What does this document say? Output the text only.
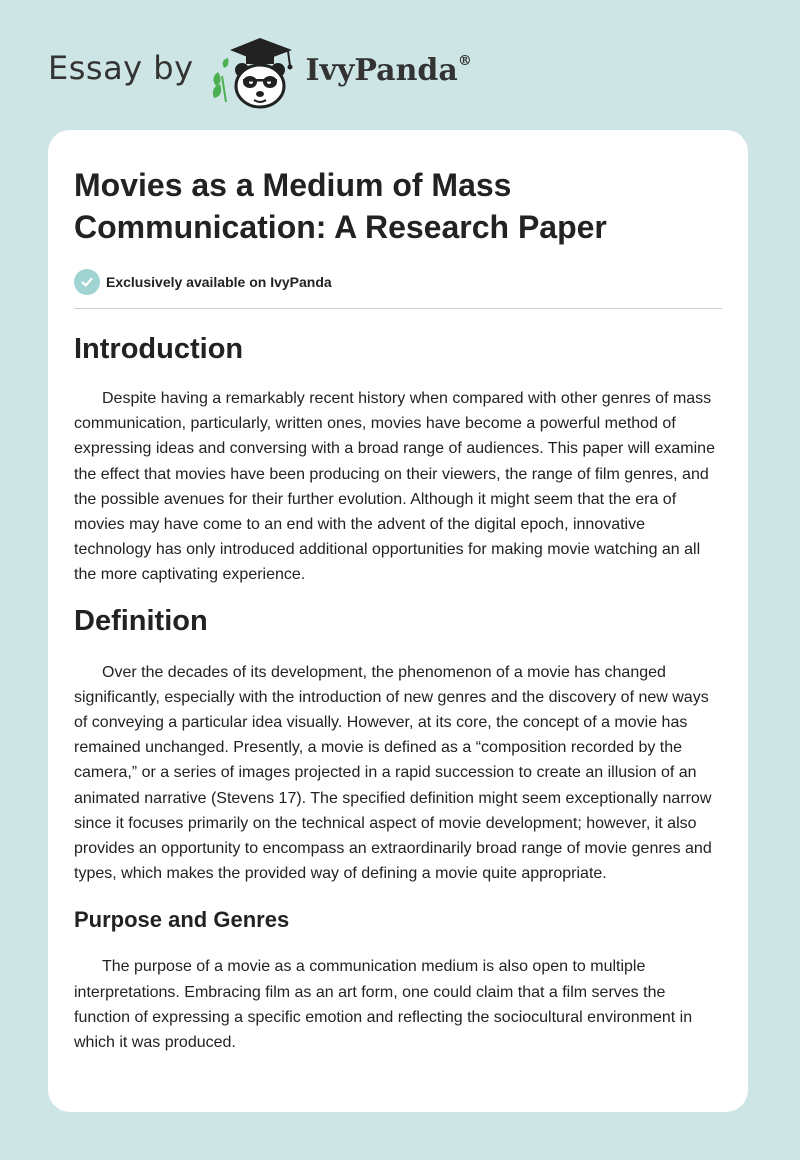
Essay by	IvyPanda®
Movies as a Medium of Mass Communication: A Research Paper
Exclusively available on IvyPanda
Introduction

Despite having a remarkably recent history when compared with other genres of mass communication, particularly, written ones, movies have become a powerful method of expressing ideas and conversing with a broad range of audiences. This paper will examine the effect that movies have been producing on their viewers, the range of film genres, and the possible avenues for their further evolution. Although it might seem that the era of movies may have come to an end with the advent of the digital epoch, innovative technology has only introduced additional opportunities for making movie watching an all the more captivating experience.

Definition

Over the decades of its development, the phenomenon of a movie has changed significantly, especially with the introduction of new genres and the discovery of new ways of conveying a particular idea visually. However, at its core, the concept of a movie has remained unchanged. Presently, a movie is defined as a “composition recorded by the camera,” or a series of images projected in a rapid succession to create an illusion of an animated narrative (Stevens 17). The specified definition might seem exceptionally narrow since it focuses primarily on the technical aspect of movie development; however, it also provides an opportunity to encompass an extraordinarily broad range of movie genres and types, which makes the provided way of defining a movie quite appropriate.

Purpose and Genres

The purpose of a movie as a communication medium is also open to multiple interpretations. Embracing film as an art form, one could claim that a film serves the function of expressing a specific emotion and reflecting the sociocultural environment in which it was produced.
